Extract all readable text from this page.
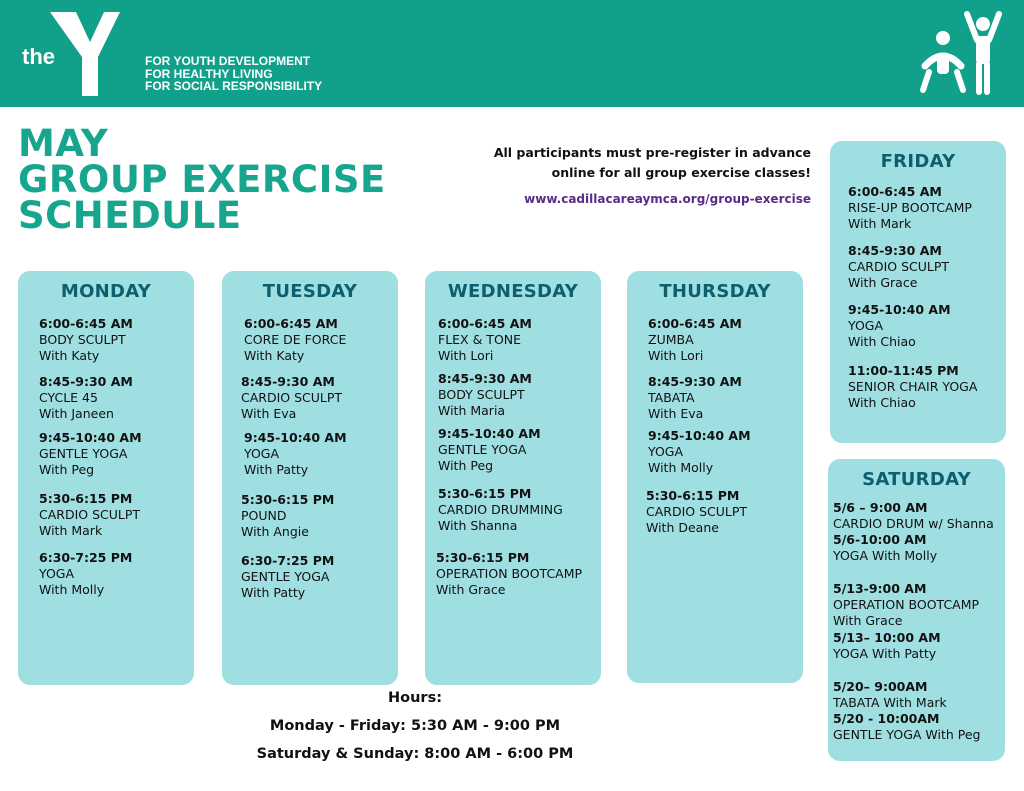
the
YMCA
FOR YOUTH DEVELOPMENT
FOR HEALTHY LIVING
FOR SOCIAL RESPONSIBILITY
MAY
GROUP EXERCISE
SCHEDULE
All participants must pre-register in advance
online for all group exercise classes!
www.cadillacareaymca.org/group-exercise
MONDAY
6:00-6:45 AM
BODY SCULPT
With Katy
8:45-9:30 AM
CYCLE 45
With Janeen
9:45-10:40 AM
GENTLE YOGA
With Peg
5:30-6:15 PM
CARDIO SCULPT
With Mark
6:30-7:25 PM
YOGA
With Molly
TUESDAY
6:00-6:45 AM
CORE DE FORCE
With Katy
8:45-9:30 AM
CARDIO SCULPT
With Eva
9:45-10:40 AM
YOGA
With Patty
5:30-6:15 PM
POUND
With Angie
6:30-7:25 PM
GENTLE YOGA
With Patty
WEDNESDAY
6:00-6:45 AM
FLEX & TONE
With Lori
8:45-9:30 AM
BODY SCULPT
With Maria
9:45-10:40 AM
GENTLE YOGA
With Peg
5:30-6:15 PM
CARDIO DRUMMING
With Shanna
5:30-6:15 PM
OPERATION BOOTCAMP
With Grace
THURSDAY
6:00-6:45 AM
ZUMBA
With Lori
8:45-9:30 AM
TABATA
With Eva
9:45-10:40 AM
YOGA
With Molly
5:30-6:15 PM
CARDIO SCULPT
With Deane
FRIDAY
6:00-6:45 AM
RISE-UP BOOTCAMP
With Mark
8:45-9:30 AM
CARDIO SCULPT
With Grace
9:45-10:40 AM
YOGA
With Chiao
11:00-11:45 PM
SENIOR CHAIR YOGA
With Chiao
SATURDAY
5/6 – 9:00 AM
CARDIO DRUM w/ Shanna
5/6-10:00 AM
YOGA With Molly
5/13-9:00 AM
OPERATION BOOTCAMP
With Grace
5/13– 10:00 AM
YOGA With Patty
5/20– 9:00AM
TABATA With Mark
5/20 - 10:00AM
GENTLE YOGA With Peg
Hours:
Monday - Friday: 5:30 AM - 9:00 PM
Saturday & Sunday: 8:00 AM - 6:00 PM
